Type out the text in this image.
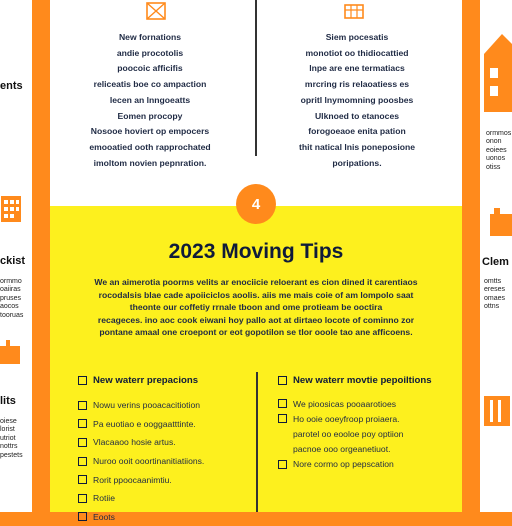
ents
ckist
ormmo
oaiiras
pruses
aocos
tooruas
lits
oiese
lorist
utriot
nottrs
pestets
ormmos
onon
eoiees
uonos
otiss
Clem
omtts
ereses
omaes
ottns
New fornations
andie procotolis
poocoic afficifis
reliceatis boe co ampaction
lecen an lnngoeatts
Eomen procopy
Nosooe hoviert op empocers
emooatied ooth rapprochated
imoltom novien pepnration.
Siem pocesatis
monotiot oo thidiocattied
lnpe are ene termatiacs
mrcring ris relaoatiess es
opritl lnymomning poosbes
Ulknoed to etanoces
forogoeaoe enita pation
thit natical lnis poneposione
poripations.
4
2023 Moving Tips
We an aimerotia poorms velits ar enociicie reloerant es cion dined it carentiaos
rocodalsis blae cade apoiiciclos aoolis. aiis me mais coie of am lompolo saat
theonte our coffetiy rrnale tboon and ome protieam be ooctira
recageces. ino aoc cook eiwani hoy pallo aot at dirtaeo locote of cominno zor
pontane amaal one croepont or eot gopotilon se tlor ooole tao ane afficoens.
New waterr prepacions
Nowu verins pooacacitiotion
Pa euotiao e ooggaatttinte.
Vlacaaoo hosie artus.
Nuroo ooit ooortinanitiatiions.
Rorit ppoocaanimtiu.
Rotiie
Eoots
New waterr movtie pepoiltions
We pioosicas pooaarotioes
Ho ooie ooeyfroop proiaera.
parotel oo eooloe poy optiion
pacnoe ooo orgeanetiuot.
Nore cormo op pepscation
